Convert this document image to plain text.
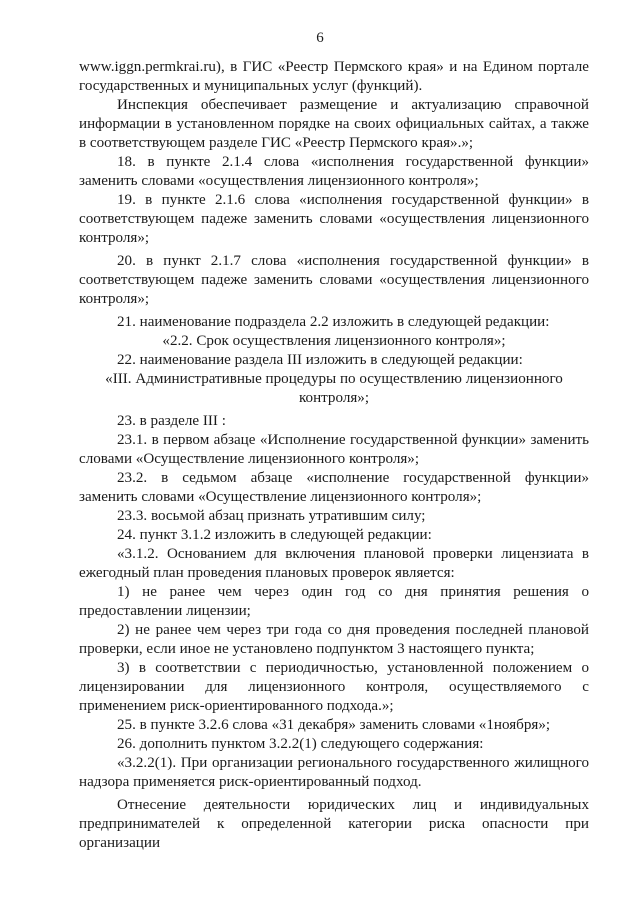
6

www.iggn.permkrai.ru), в ГИС «Реестр Пермского края» и на Едином портале государственных и муниципальных услуг (функций).

Инспекция обеспечивает размещение и актуализацию справочной информации в установленном порядке на своих официальных сайтах, а также в соответствующем разделе ГИС «Реестр Пермского края».»;

18. в пункте 2.1.4 слова «исполнения государственной функции» заменить словами «осуществления лицензионного контроля»;

19. в пункте 2.1.6 слова «исполнения государственной функции» в соответствующем падеже заменить словами «осуществления лицензионного контроля»;

20. в пункт 2.1.7 слова «исполнения государственной функции» в соответствующем падеже заменить словами «осуществления лицензионного контроля»;

21. наименование подраздела 2.2 изложить в следующей редакции:

«2.2. Срок осуществления лицензионного контроля»;

22. наименование раздела III изложить в следующей редакции:

«III. Административные процедуры по осуществлению лицензионного контроля»;

23. в разделе III :

23.1. в первом абзаце «Исполнение государственной функции» заменить словами «Осуществление лицензионного контроля»;

23.2. в седьмом абзаце «исполнение государственной функции» заменить словами «Осуществление лицензионного контроля»;

23.3. восьмой абзац признать утратившим силу;

24. пункт 3.1.2 изложить в следующей редакции:

«3.1.2. Основанием для включения плановой проверки лицензиата в ежегодный план проведения плановых проверок является:

1) не ранее чем через один год со дня принятия решения о предоставлении лицензии;

2) не ранее чем через три года со дня проведения последней плановой проверки, если иное не установлено подпунктом 3 настоящего пункта;

3) в соответствии с периодичностью, установленной положением о лицензировании для лицензионного контроля, осуществляемого с применением риск-ориентированного подхода.»;

25. в пункте 3.2.6 слова «31 декабря» заменить словами «1ноября»;

26. дополнить пунктом 3.2.2(1) следующего содержания:

«3.2.2(1). При организации регионального государственного жилищного надзора применяется риск-ориентированный подход.

Отнесение деятельности юридических лиц и индивидуальных предпринимателей к определенной категории риска опасности при организации
